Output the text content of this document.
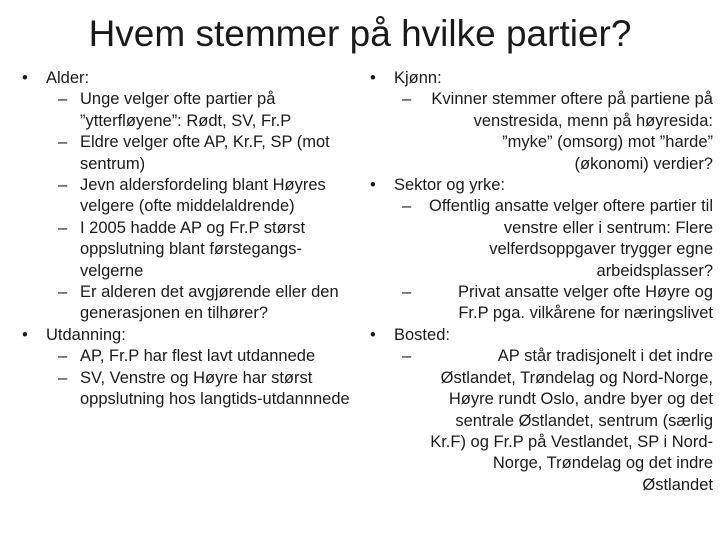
Hvem stemmer på hvilke partier?

• Alder:

– Unge velger ofte partier på ”ytterfløyene”: Rødt, SV, Fr.P

– Eldre velger ofte AP, Kr.F, SP (mot sentrum)

– Jevn aldersfordeling blant Høyres velgere (ofte middelaldrende)

– I 2005 hadde AP og Fr.P størst oppslutning blant førstegangs-velgerne

– Er alderen det avgjørende eller den generasjonen en tilhører?

• Utdanning:

– AP, Fr.P har flest lavt utdannede

– SV, Venstre og Høyre har størst oppslutning hos langtids-utdannnede

• Kjønn:

– Kvinner stemmer oftere på partiene på venstresida, menn på høyresida: ”myke” (omsorg) mot ”harde” (økonomi) verdier?

• Sektor og yrke:

– Offentlig ansatte velger oftere partier til venstre eller i sentrum: Flere velferdsoppgaver trygger egne arbeidsplasser?

–	Privat ansatte velger ofte Høyre og Fr.P pga. vilkårene for næringslivet

• Bosted:

–	AP står tradisjonelt i det indre Østlandet, Trøndelag og Nord-Norge, Høyre rundt Oslo, andre byer og det sentrale Østlandet, sentrum (særlig Kr.F) og Fr.P på Vestlandet, SP i Nord-Norge, Trøndelag og det indre Østlandet
